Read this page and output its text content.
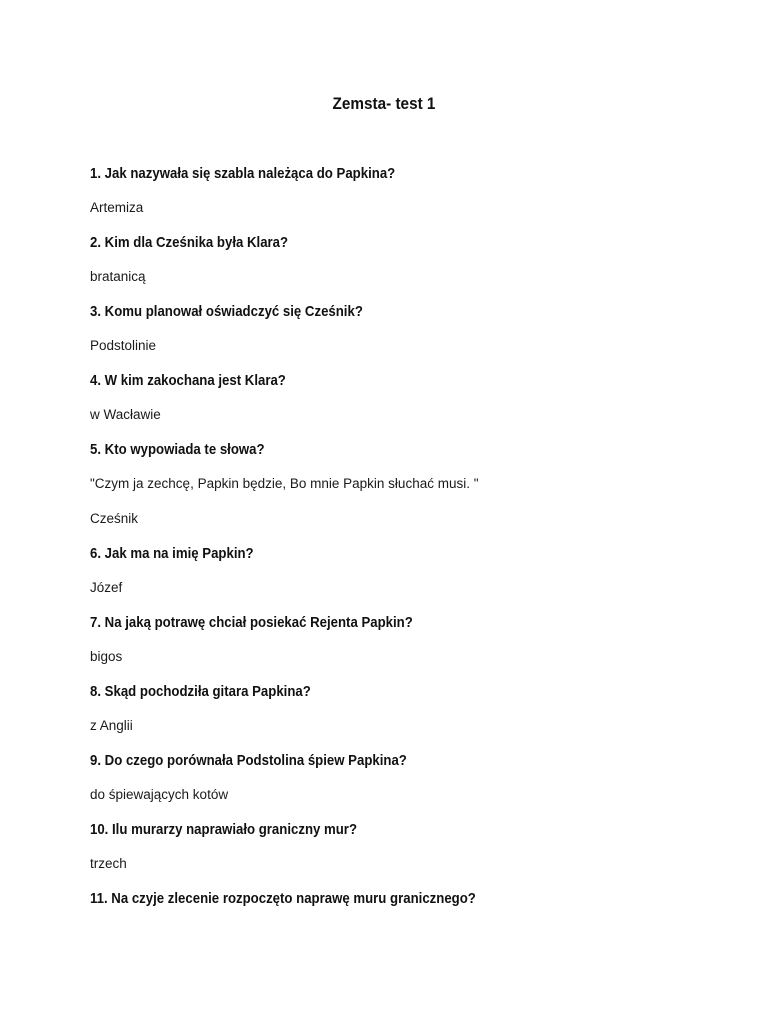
Zemsta- test 1
1. Jak nazywała się szabla należąca do Papkina?
Artemiza
2. Kim dla Cześnika była Klara?
bratanicą
3. Komu planował oświadczyć się Cześnik?
Podstolinie
4. W kim zakochana jest Klara?
w Wacławie
5. Kto wypowiada te słowa?
"Czym ja zechcę, Papkin będzie, Bo mnie Papkin słuchać musi. "
Cześnik
6. Jak ma na imię Papkin?
Józef
7. Na jaką potrawę chciał posiekać Rejenta Papkin?
bigos
8. Skąd pochodziła gitara Papkina?
z Anglii
9. Do czego porównała Podstolina śpiew Papkina?
do śpiewających kotów
10. Ilu murarzy naprawiało graniczny mur?
trzech
11. Na czyje zlecenie rozpoczęto naprawę muru granicznego?
